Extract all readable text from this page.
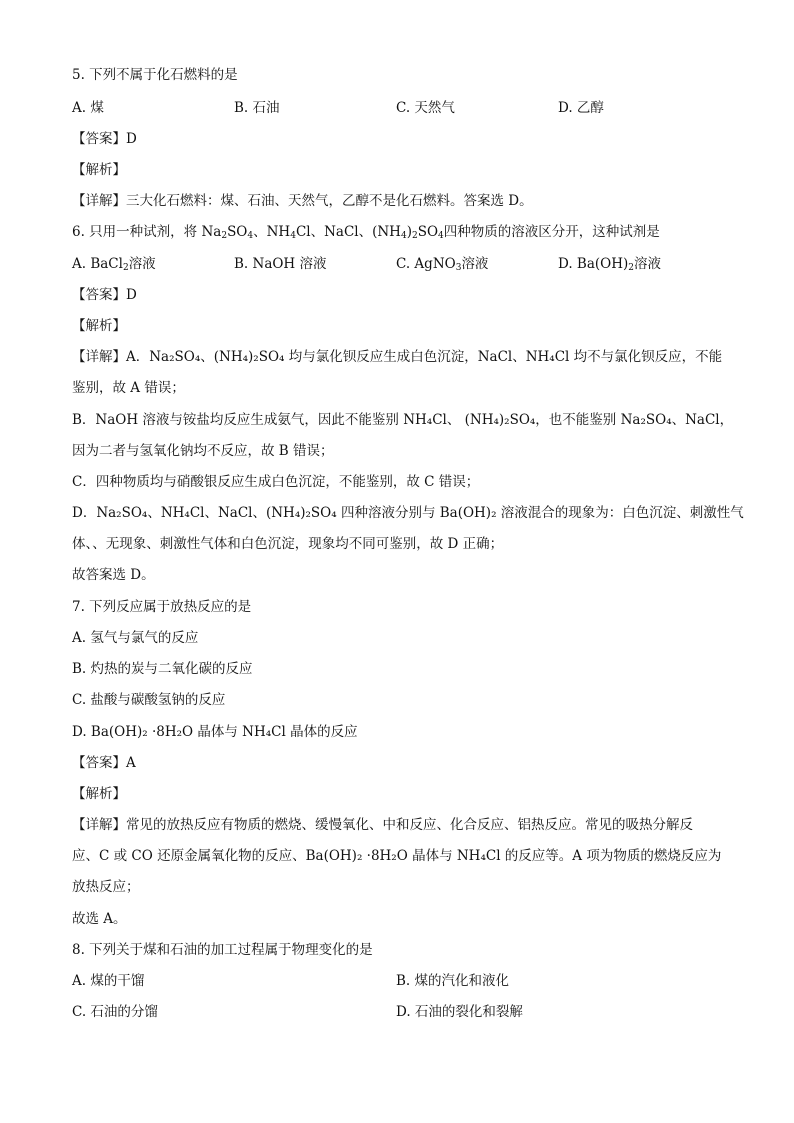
5. 下列不属于化石燃料的是
A. 煤	B. 石油	C. 天然气	D. 乙醇
【答案】D
【解析】
【详解】三大化石燃料：煤、石油、天然气，乙醇不是化石燃料。答案选 D。
6. 只用一种试剂，将 $Na_2SO_4$、$NH_4Cl$、NaCl、$(NH_4)_2SO_4$四种物质的溶液区分开，这种试剂是
A. BaCl$_2$溶液	B. NaOH 溶液	C. AgNO$_3$溶液	D. $Ba(OH)_2$溶液
【答案】D
【解析】
【详解】A．Na₂SO₄、(NH₄)₂SO₄ 均与氯化钡反应生成白色沉淀，NaCl、NH₄Cl 均不与氯化钡反应，不能
鉴别，故 A 错误；
B．NaOH 溶液与铵盐均反应生成氨气，因此不能鉴别 NH₄Cl、 (NH₄)₂SO₄，也不能鉴别 Na₂SO₄、NaCl，
因为二者与氢氧化钠均不反应，故 B 错误；
C．四种物质均与硝酸银反应生成白色沉淀，不能鉴别，故 C 错误；
D．Na₂SO₄、NH₄Cl、NaCl、(NH₄)₂SO₄ 四种溶液分别与 Ba(OH)₂ 溶液混合的现象为：白色沉淀、刺激性气
体、、无现象、刺激性气体和白色沉淀，现象均不同可鉴别，故 D 正确；
故答案选 D。
7. 下列反应属于放热反应的是
A. 氢气与氯气的反应
B. 灼热的炭与二氧化碳的反应
C. 盐酸与碳酸氢钠的反应
D. Ba(OH)₂ ·8H₂O 晶体与 NH₄Cl 晶体的反应
【答案】A
【解析】
【详解】常见的放热反应有物质的燃烧、缓慢氧化、中和反应、化合反应、铝热反应。常见的吸热分解反
应、C 或 CO 还原金属氧化物的反应、Ba(OH)₂ ·8H₂O 晶体与 NH₄Cl 的反应等。A 项为物质的燃烧反应为
放热反应；
故选 A。
8. 下列关于煤和石油的加工过程属于物理变化的是
A. 煤的干馏	B. 煤的汽化和液化
C. 石油的分馏	D. 石油的裂化和裂解
